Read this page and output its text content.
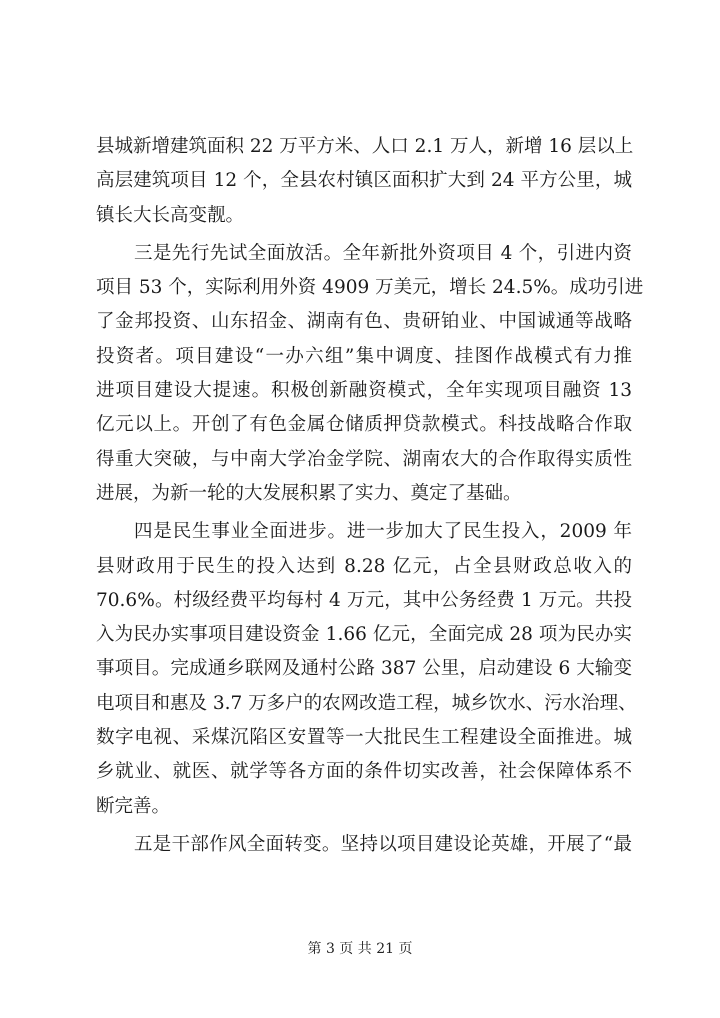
县城新增建筑面积 22 万平方米、人口 2.1 万人，新增 16 层以上
高层建筑项目 12 个，全县农村镇区面积扩大到 24 平方公里，城
镇长大长高变靓。
三是先行先试全面放活。全年新批外资项目 4 个，引进内资
项目 53 个，实际利用外资 4909 万美元，增长 24.5%。成功引进
了金邦投资、山东招金、湖南有色、贵研铂业、中国诚通等战略
投资者。项目建设“一办六组”集中调度、挂图作战模式有力推
进项目建设大提速。积极创新融资模式，全年实现项目融资 13
亿元以上。开创了有色金属仓储质押贷款模式。科技战略合作取
得重大突破，与中南大学冶金学院、湖南农大的合作取得实质性
进展，为新一轮的大发展积累了实力、奠定了基础。
四是民生事业全面进步。进一步加大了民生投入，2009 年
县财政用于民生的投入达到 8.28 亿元，占全县财政总收入的
70.6%。村级经费平均每村 4 万元，其中公务经费 1 万元。共投
入为民办实事项目建设资金 1.66 亿元，全面完成 28 项为民办实
事项目。完成通乡联网及通村公路 387 公里，启动建设 6 大输变
电项目和惠及 3.7 万多户的农网改造工程，城乡饮水、污水治理、
数字电视、采煤沉陷区安置等一大批民生工程建设全面推进。城
乡就业、就医、就学等各方面的条件切实改善，社会保障体系不
断完善。
五是干部作风全面转变。坚持以项目建设论英雄，开展了“最
第 3 页 共 21 页
